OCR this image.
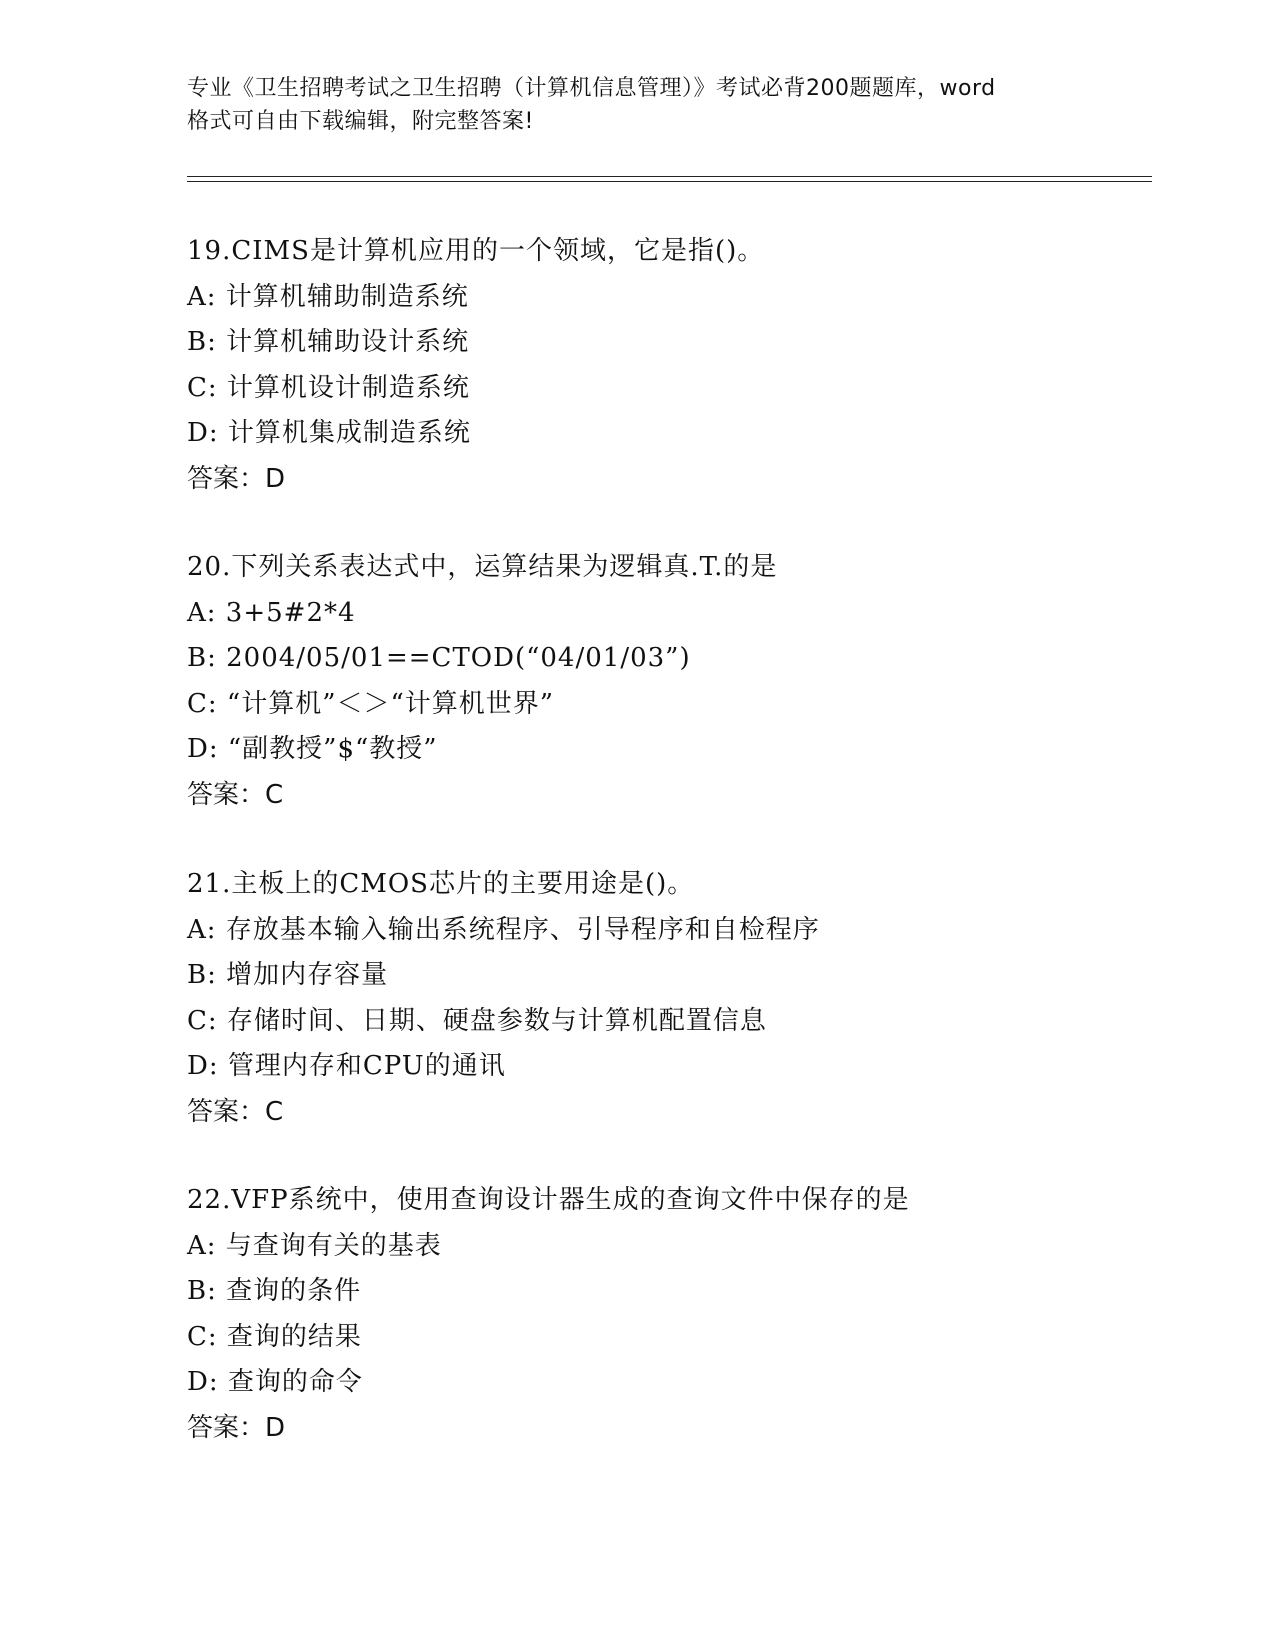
专业《卫生招聘考试之卫生招聘（计算机信息管理）》考试必背200题题库，word
格式可自由下载编辑，附完整答案!
19.CIMS是计算机应用的一个领域，它是指()。
A: 计算机辅助制造系统
B: 计算机辅助设计系统
C: 计算机设计制造系统
D: 计算机集成制造系统
答案：D
20.下列关系表达式中，运算结果为逻辑真.T.的是
A: 3+5#2*4
B: 2004/05/01==CTOD(“04/01/03”)
C: “计算机”＜＞“计算机世界”
D: “副教授”$“教授”
答案：C
21.主板上的CMOS芯片的主要用途是()。
A: 存放基本输入输出系统程序、引导程序和自检程序
B: 增加内存容量
C: 存储时间、日期、硬盘参数与计算机配置信息
D: 管理内存和CPU的通讯
答案：C
22.VFP系统中，使用查询设计器生成的查询文件中保存的是
A: 与查询有关的基表
B: 查询的条件
C: 查询的结果
D: 查询的命令
答案：D
